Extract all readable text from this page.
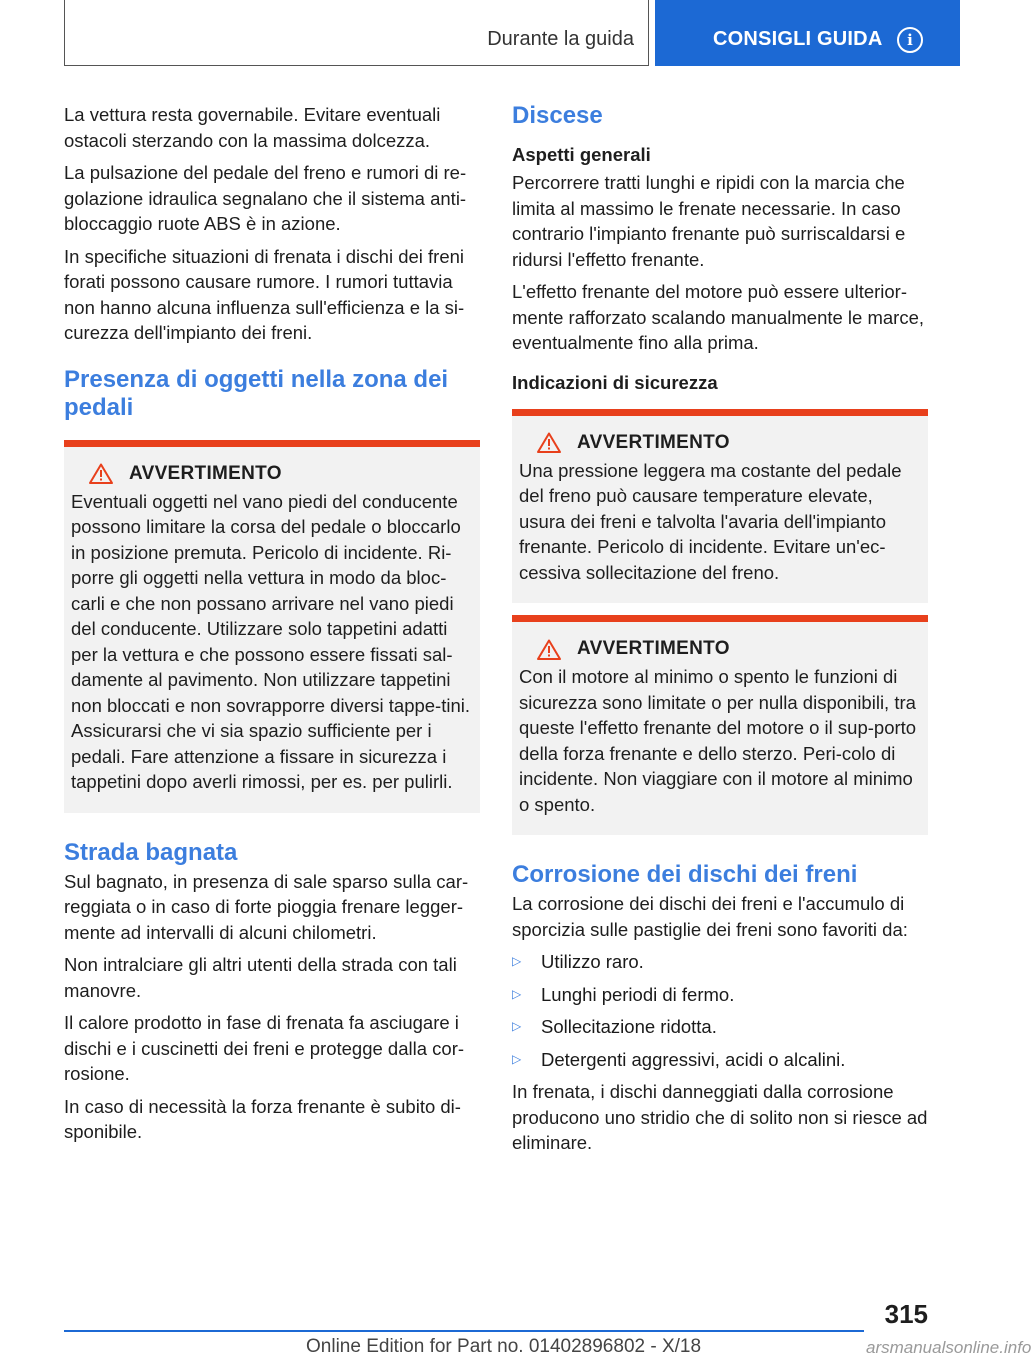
Durante la guida	CONSIGLI GUIDA	i

La vettura resta governabile. Evitare eventuali ostacoli sterzando con la massima dolcezza.

La pulsazione del pedale del freno e rumori di re-golazione idraulica segnalano che il sistema anti-bloccaggio ruote ABS è in azione.

In specifiche situazioni di frenata i dischi dei freni forati possono causare rumore. I rumori tuttavia non hanno alcuna influenza sull'efficienza e la si-curezza dell'impianto dei freni.

Presenza di oggetti nella zona dei pedali
AVVERTIMENTO

Eventuali oggetti nel vano piedi del conducente possono limitare la corsa del pedale o bloccarlo in posizione premuta. Pericolo di incidente. Ri-porre gli oggetti nella vettura in modo da bloc-carli e che non possano arrivare nel vano piedi del conducente. Utilizzare solo tappetini adatti per la vettura e che possono essere fissati sal-damente al pavimento. Non utilizzare tappetini non bloccati e non sovrapporre diversi tappe-tini. Assicurarsi che vi sia spazio sufficiente per i pedali. Fare attenzione a fissare in sicurezza i tappetini dopo averli rimossi, per es. per pulirli.

Strada bagnata

Sul bagnato, in presenza di sale sparso sulla car-reggiata o in caso di forte pioggia frenare legger-mente ad intervalli di alcuni chilometri.

Non intralciare gli altri utenti della strada con tali manovre.

Il calore prodotto in fase di frenata fa asciugare i dischi e i cuscinetti dei freni e protegge dalla cor-rosione.

In caso di necessità la forza frenante è subito di-sponibile.

Discese
Aspetti generali

Percorrere tratti lunghi e ripidi con la marcia che limita al massimo le frenate necessarie. In caso contrario l'impianto frenante può surriscaldarsi e ridursi l'effetto frenante.

L'effetto frenante del motore può essere ulterior-mente rafforzato scalando manualmente le marce, eventualmente fino alla prima.

Indicazioni di sicurezza
AVVERTIMENTO

Una pressione leggera ma costante del pedale del freno può causare temperature elevate, usura dei freni e talvolta l'avaria dell'impianto frenante. Pericolo di incidente. Evitare un'ec-cessiva sollecitazione del freno.

AVVERTIMENTO

Con il motore al minimo o spento le funzioni di sicurezza sono limitate o per nulla disponibili, tra queste l'effetto frenante del motore o il sup-porto della forza frenante e dello sterzo. Peri-colo di incidente. Non viaggiare con il motore al minimo o spento.

Corrosione dei dischi dei freni

La corrosione dei dischi dei freni e l'accumulo di sporcizia sulle pastiglie dei freni sono favoriti da:

▷	Utilizzo raro.
▷	Lunghi periodi di fermo.
▷	Sollecitazione ridotta.
▷	Detergenti aggressivi, acidi o alcalini.

In frenata, i dischi danneggiati dalla corrosione producono uno stridio che di solito non si riesce ad eliminare.

315
Online Edition for Part no. 01402896802 - X/18	arsmanualsonline.info
